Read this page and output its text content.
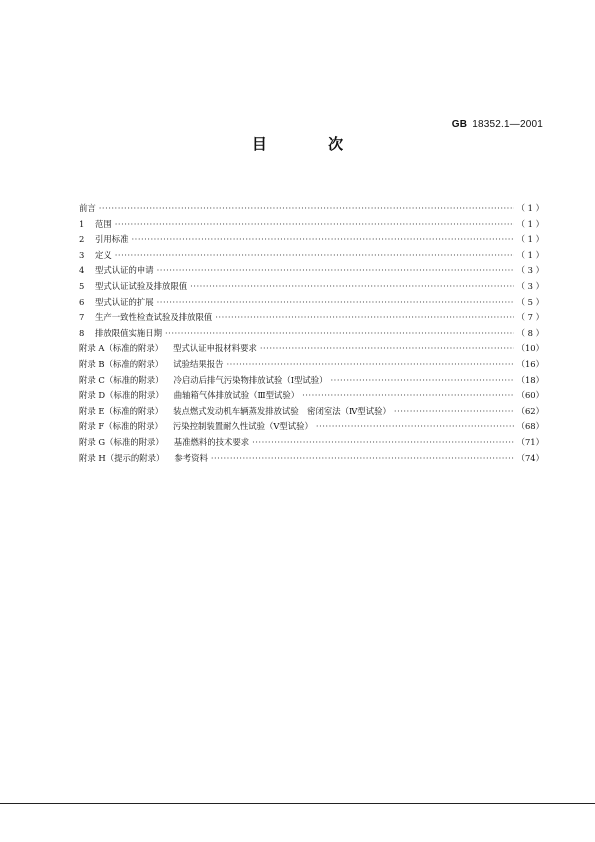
GB 18352.1—2001
目 次
前言 ·····	（ 1 ）
1	范围 ·····	（ 1 ）
2	引用标准 ·····	（ 1 ）
3	定义 ·····	（ 1 ）
4	型式认证的申请 ·····	（ 3 ）
5	型式认证试验及排放限值 ·····	（ 3 ）
6	型式认证的扩展 ·····	（ 5 ）
7	生产一致性检查试验及排放限值 ·····	（ 7 ）
8	排放限值实施日期 ·····	（ 8 ）
附录 A（标准的附录） 型式认证申报材料要求 ·····	（10）
附录 B（标准的附录） 试验结果报告 ·····	（16）
附录 C（标准的附录） 冷启动后排气污染物排放试验（Ⅰ型试验） ·····	（18）
附录 D（标准的附录） 曲轴箱气体排放试验（Ⅲ型试验） ·····	（60）
附录 E（标准的附录） 装点燃式发动机车辆蒸发排放试验　密闭室法（Ⅳ型试验） ·····	（62）
附录 F（标准的附录） 污染控制装置耐久性试验（Ⅴ型试验） ·····	（68）
附录 G（标准的附录） 基准燃料的技术要求 ·····	（71）
附录 H（提示的附录） 参考资料 ·····	（74）
